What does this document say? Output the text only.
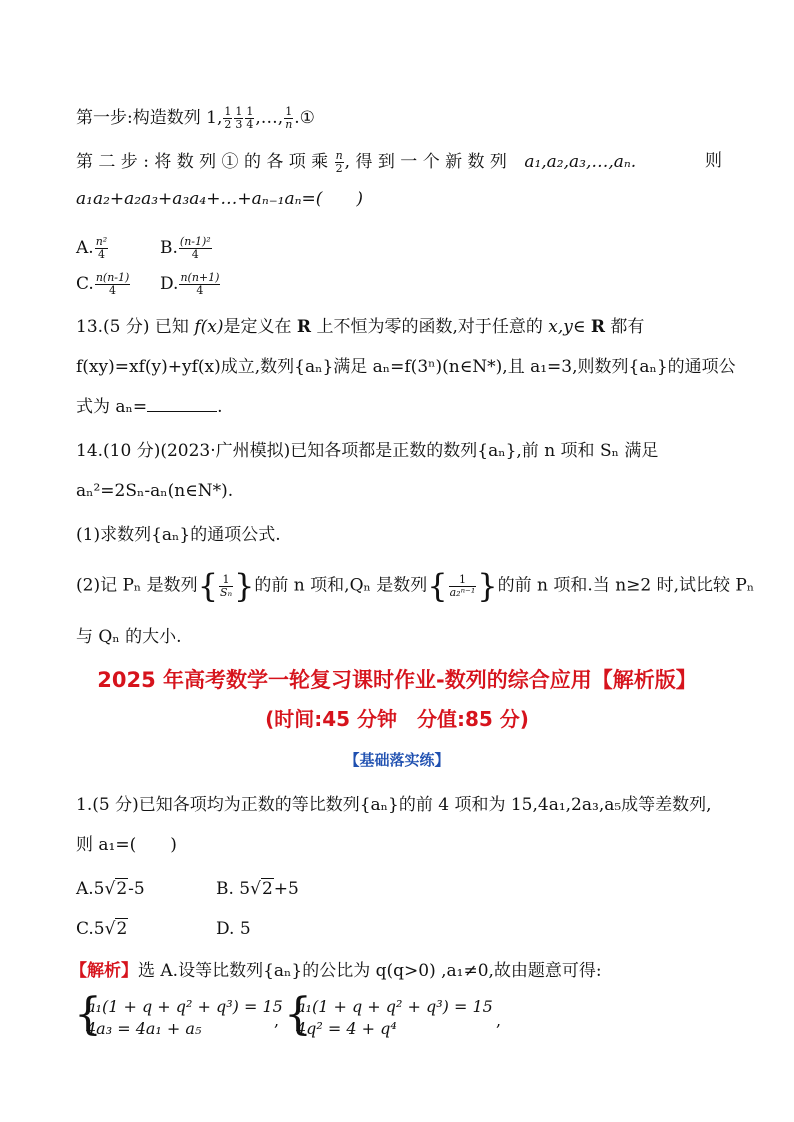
第一步:构造数列 1, $\frac{1}{2} \frac{1}{3} \frac{1}{4}$ ,…, $\frac{1}{n}$ .①
第 二 步 : 将 数 列 ① 的 各 项 乘 $\frac{n}{2}$ , 得 到 一 个 新 数 列 a₁,a₂,a₃,…,aₙ.	则
a₁a₂+a₂a₃+a₃a₄+…+aₙ₋₁aₙ=(　　)
A. $\frac{\text{n²}}{4}$	B. $\frac{\text{(n-1)²}}{4}$
C. $\frac{n(n-1)}{4} D$. $\frac{n(n+1)}{4}$
13.(5 分) 已知 f(x)是定义在 R 上不恒为零的函数,对于任意的 x,y∈ R 都有
f(xy)=xf(y)+yf(x)成立,数列{aₙ}满足 aₙ=f(3ⁿ)(n∈N*),且 a₁=3,则数列{aₙ}的通项公
式为 aₙ=	.
14.(10 分)(2023·广州模拟)已知各项都是正数的数列{aₙ},前 n 项和 Sₙ 满足
aₙ²=2Sₙ-aₙ(n∈N*).
(1)求数列{aₙ}的通项公式.
(2)记 Pₙ 是数列{ $\frac{1}{\text{Sₙ}}$ }的前 n 项和,Qₙ 是数列{ $\frac{1}{\text{a₂ⁿ⁻¹}}$ }的前 n 项和.当 n≥2 时,试比较 Pₙ
与 Qₙ 的大小.
2025 年高考数学一轮复习课时作业-数列的综合应用【解析版】
(时间:45 分钟　分值:85 分)
【基础落实练】
1.(5 分)已知各项均为正数的等比数列{aₙ}的前 4 项和为 15,4a₁,2a₃,a₅成等差数列,
则 a₁=(　　)
A.5√2-5	B. 5√2+5
C.5√2	D. 5
【解析】选 A.设等比数列{aₙ}的公比为 q(q>0) ,a₁≠0,故由题意可得:
{
a₁(1 + q + q² + q³) = 15
4a₃ = 4a₁ + a₅	, {
a₁(1 + q + q² + q³) = 15
4q² = 4 + q⁴	,
